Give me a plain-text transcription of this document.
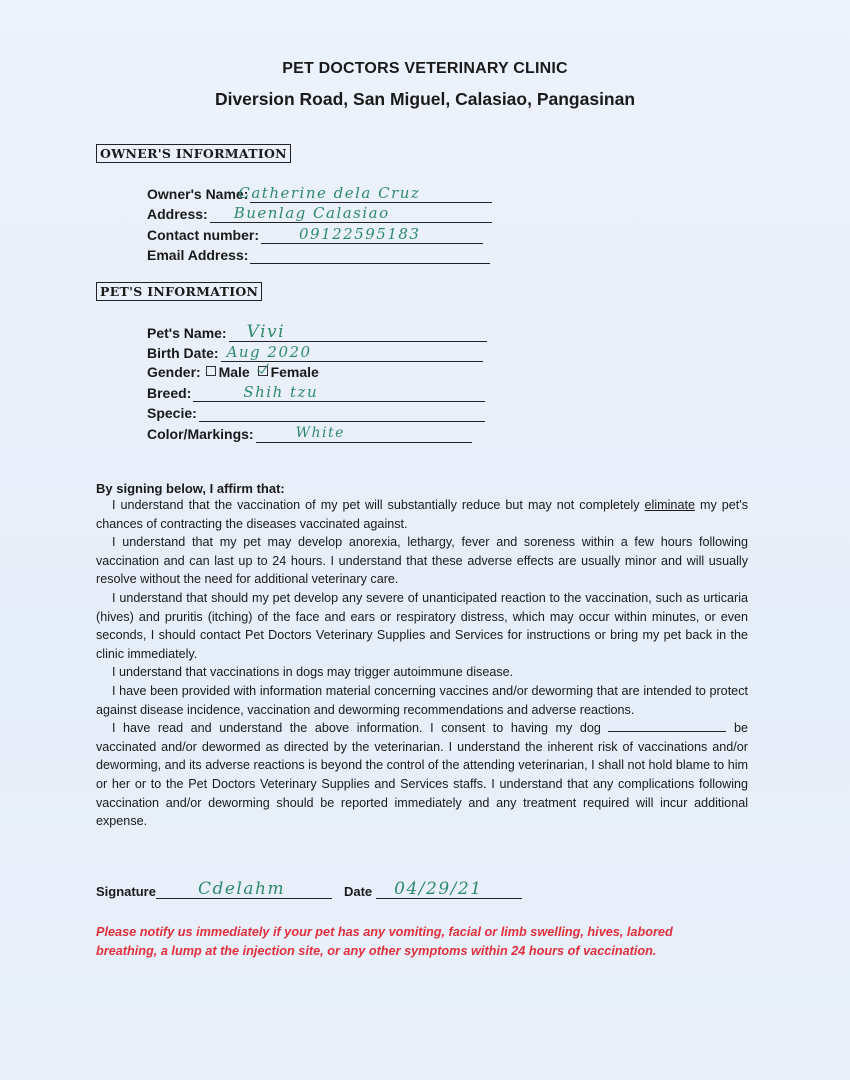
PET DOCTORS VETERINARY CLINIC
Diversion Road, San Miguel, Calasiao, Pangasinan
OWNER'S INFORMATION
Owner's Name:
Catherine dela Cruz
Address: Buenlag Calasiao
Contact number:	09122595183
Email Address:
PET'S INFORMATION
Pet's Name: Vivi
Birth Date: Aug 2020
Gender: Male Female
Breed:	Shih tzu
Specie:
Color/Markings:	White
By signing below, I affirm that:

I understand that the vaccination of my pet will substantially reduce but may not completely eliminate my pet's chances of contracting the diseases vaccinated against.

I understand that my pet may develop anorexia, lethargy, fever and soreness within a few hours following vaccination and can last up to 24 hours. I understand that these adverse effects are usually minor and will usually resolve without the need for additional veterinary care.

I understand that should my pet develop any severe of unanticipated reaction to the vaccination, such as urticaria (hives) and pruritis (itching) of the face and ears or respiratory distress, which may occur within minutes, or even seconds, I should contact Pet Doctors Veterinary Supplies and Services for instructions or bring my pet back in the clinic immediately.

I understand that vaccinations in dogs may trigger autoimmune disease.

I have been provided with information material concerning vaccines and/or deworming that are intended to protect against disease incidence, vaccination and deworming recommendations and adverse reactions.

I have read and understand the above information. I consent to having my dog	be vaccinated and/or dewormed as directed by the veterinarian. I understand the inherent risk of vaccinations and/or deworming, and its adverse reactions is beyond the control of the attending veterinarian, I shall not hold blame to him or her or to the Pet Doctors Veterinary Supplies and Services staffs. I understand that any complications following vaccination and/or deworming should be reported immediately and any treatment required will incur additional expense.

Signature Cdelahm	Date 04/29/21
Please notify us immediately if your pet has any vomiting, facial or limb swelling, hives, labored breathing, a lump at the injection site, or any other symptoms within 24 hours of vaccination.
